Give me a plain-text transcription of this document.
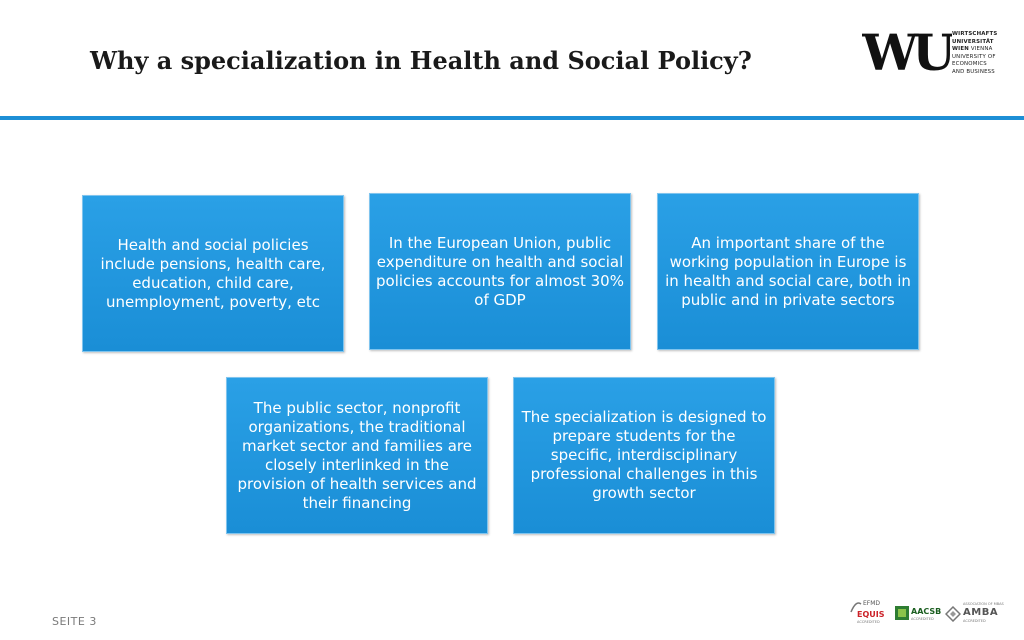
Why a specialization in Health and Social Policy? WU WIRTSCHAFTS
UNIVERSITÄT
WIEN VIENNA
UNIVERSITY OF
ECONOMICS
AND BUSINESS
Health and social policies include pensions, health care, education, child care, unemployment, poverty, etc
In the European Union, public expenditure on health and social policies accounts for almost 30% of GDP
An important share of the working population in Europe is in health and social care, both in public and in private sectors
The public sector, nonprofit organizations, the traditional market sector and families are closely interlinked in the provision of health services and their financing
The specialization is designed to prepare students for the specific, interdisciplinary professional challenges in this growth sector
SEITE 3
EFMD
EQUIS
ACCREDITED
AACSB
ACCREDITED
ASSOCIATION OF MBAS
AMBA
ACCREDITED
